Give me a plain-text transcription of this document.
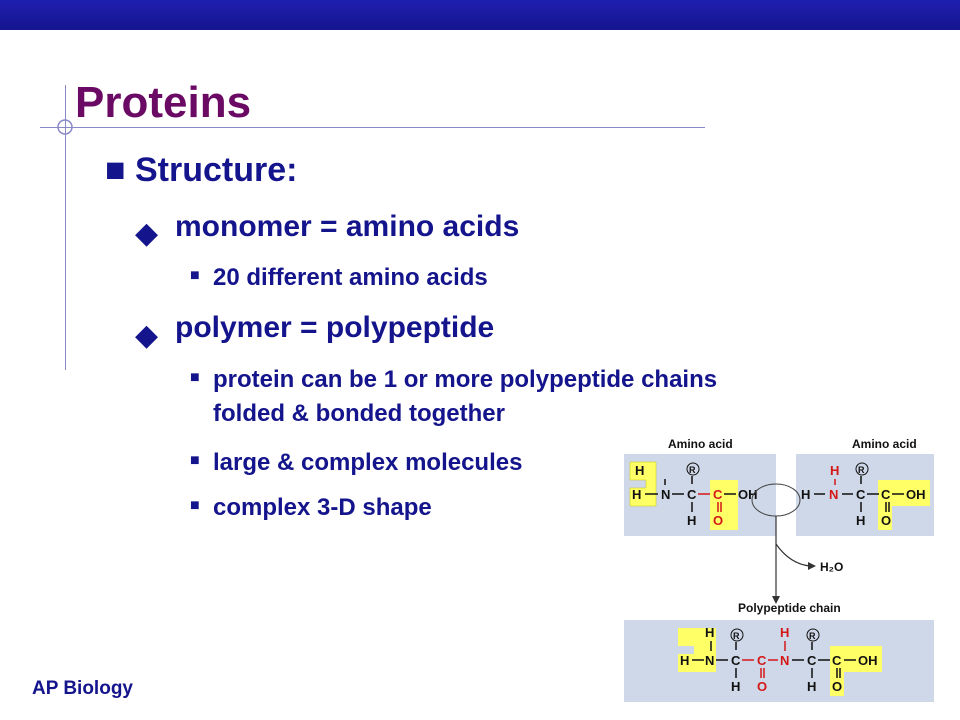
Proteins
■ Structure:

◆ monomer = amino acids

■ 20 different amino acids

◆ polymer = polypeptide

■ protein can be 1 or more polypeptide chains

folded & bonded together

■ large & complex molecules

■ complex 3-D shape

AP Biology
H
H N C
R
H
C
O
OH	H
H
N C
R
H
C
O
OH
Amino acid	Amino acid
H₂O
Polypeptide chain
H
H N C
R
H
C
O
H
N C
R
H
C
O
OH
